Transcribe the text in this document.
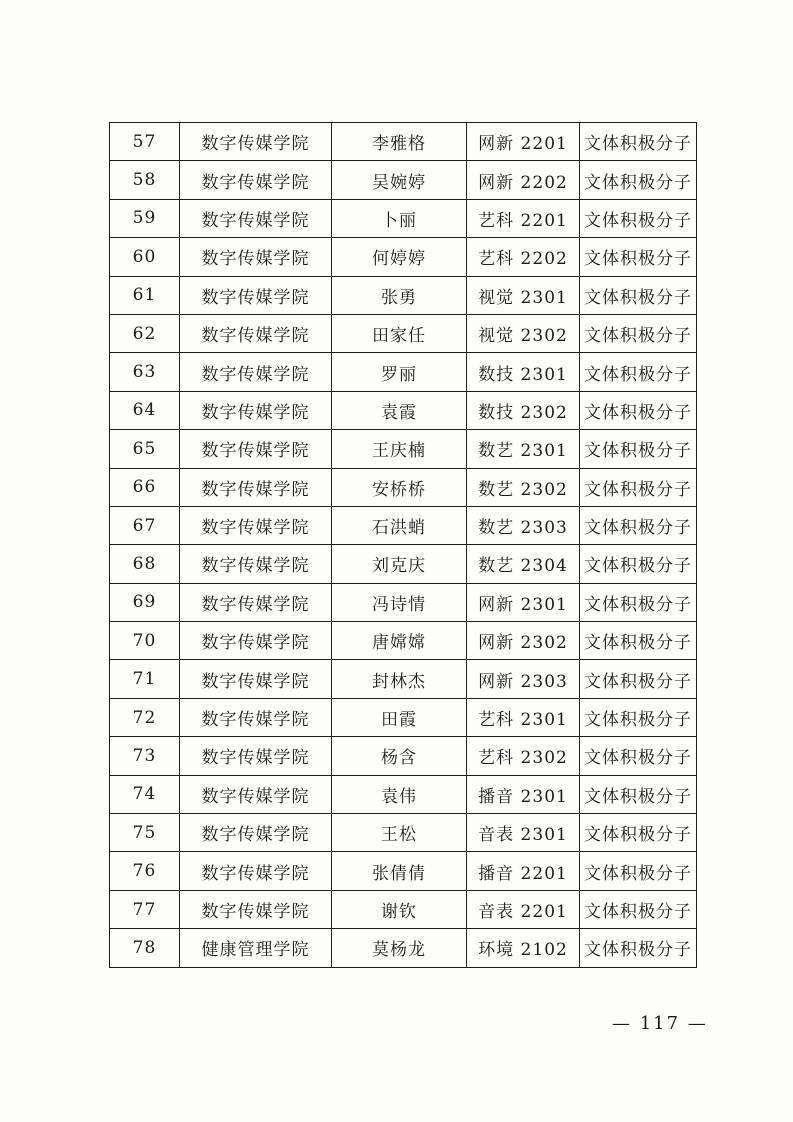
57	数字传媒学院	李雅格	网新 2201	文体积极分子
58	数字传媒学院	吴婉婷	网新 2202	文体积极分子
59	数字传媒学院	卜丽	艺科 2201	文体积极分子
60	数字传媒学院	何婷婷	艺科 2202	文体积极分子
61	数字传媒学院	张勇	视觉 2301	文体积极分子
62	数字传媒学院	田家任	视觉 2302	文体积极分子
63	数字传媒学院	罗丽	数技 2301	文体积极分子
64	数字传媒学院	袁霞	数技 2302	文体积极分子
65	数字传媒学院	王庆楠	数艺 2301	文体积极分子
66	数字传媒学院	安桥桥	数艺 2302	文体积极分子
67	数字传媒学院	石洪蛸	数艺 2303	文体积极分子
68	数字传媒学院	刘克庆	数艺 2304	文体积极分子
69	数字传媒学院	冯诗情	网新 2301	文体积极分子
70	数字传媒学院	唐嫦嫦	网新 2302	文体积极分子
71	数字传媒学院	封林杰	网新 2303	文体积极分子
72	数字传媒学院	田霞	艺科 2301	文体积极分子
73	数字传媒学院	杨含	艺科 2302	文体积极分子
74	数字传媒学院	袁伟	播音 2301	文体积极分子
75	数字传媒学院	王松	音表 2301	文体积极分子
76	数字传媒学院	张倩倩	播音 2201	文体积极分子
77	数字传媒学院	谢钦	音表 2201	文体积极分子
78	健康管理学院	莫杨龙	环境 2102	文体积极分子
— 117 —
